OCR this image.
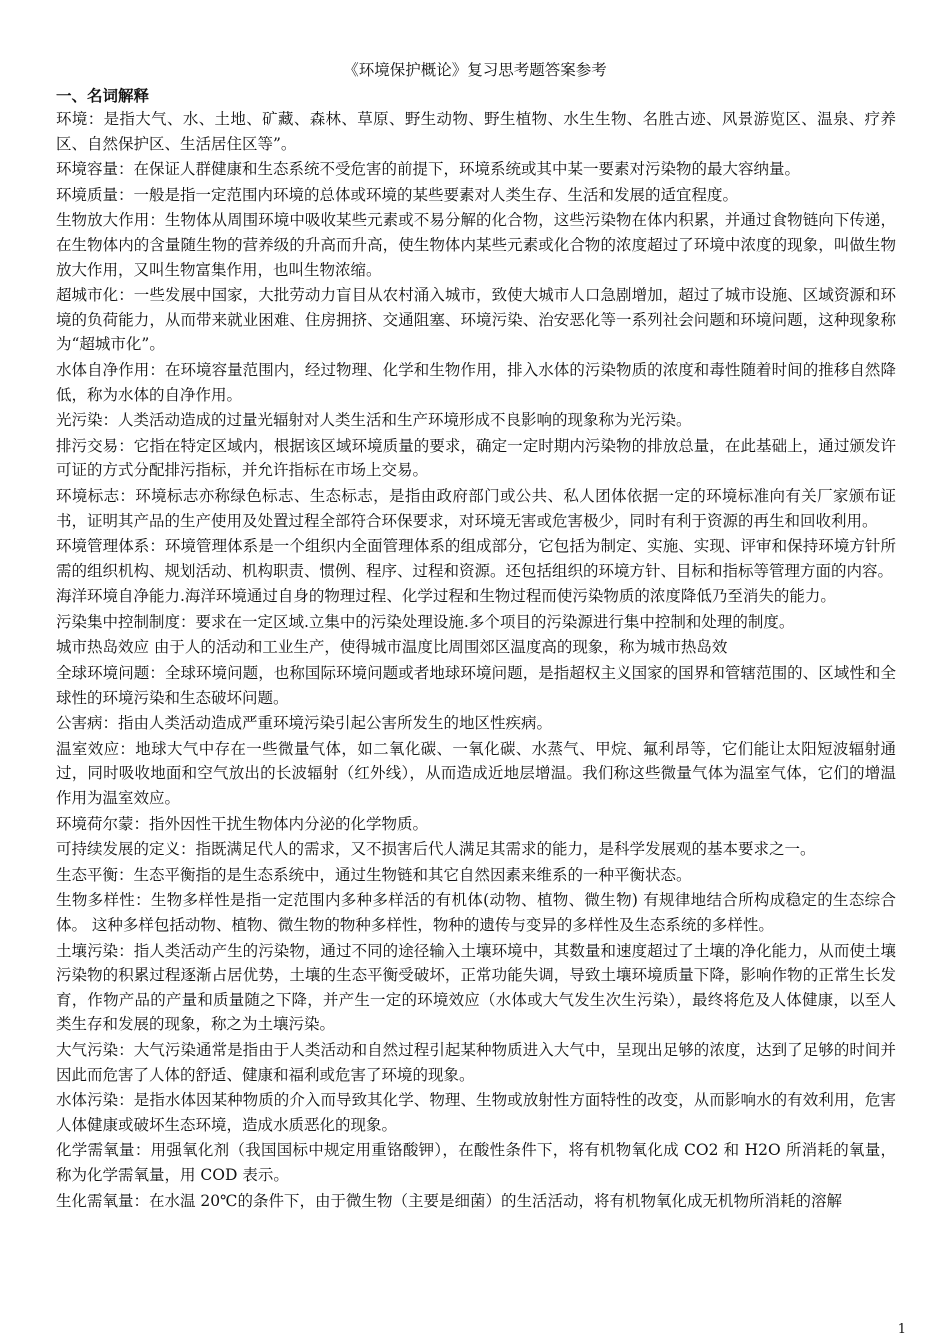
《环境保护概论》复习思考题答案参考
一、名词解释

环境：是指大气、水、土地、矿藏、森林、草原、野生动物、野生植物、水生生物、名胜古迹、风景游览区、温泉、疗养区、自然保护区、生活居住区等”。

环境容量：在保证人群健康和生态系统不受危害的前提下，环境系统或其中某一要素对污染物的最大容纳量。

环境质量：一般是指一定范围内环境的总体或环境的某些要素对人类生存、生活和发展的适宜程度。

生物放大作用：生物体从周围环境中吸收某些元素或不易分解的化合物，这些污染物在体内积累，并通过食物链向下传递，在生物体内的含量随生物的营养级的升高而升高，使生物体内某些元素或化合物的浓度超过了环境中浓度的现象，叫做生物放大作用，又叫生物富集作用，也叫生物浓缩。

超城市化：一些发展中国家，大批劳动力盲目从农村涌入城市，致使大城市人口急剧增加，超过了城市设施、区域资源和环境的负荷能力，从而带来就业困难、住房拥挤、交通阻塞、环境污染、治安恶化等一系列社会问题和环境问题，这种现象称为“超城市化”。

水体自净作用：在环境容量范围内，经过物理、化学和生物作用，排入水体的污染物质的浓度和毒性随着时间的推移自然降低，称为水体的自净作用。

光污染：人类活动造成的过量光辐射对人类生活和生产环境形成不良影响的现象称为光污染。

排污交易：它指在特定区域内，根据该区域环境质量的要求，确定一定时期内污染物的排放总量，在此基础上，通过颁发许可证的方式分配排污指标，并允许指标在市场上交易。

环境标志：环境标志亦称绿色标志、生态标志，是指由政府部门或公共、私人团体依据一定的环境标准向有关厂家颁布证书，证明其产品的生产使用及处置过程全部符合环保要求，对环境无害或危害极少，同时有利于资源的再生和回收利用。

环境管理体系：环境管理体系是一个组织内全面管理体系的组成部分，它包括为制定、实施、实现、评审和保持环境方针所需的组织机构、规划活动、机构职责、惯例、程序、过程和资源。还包括组织的环境方针、目标和指标等管理方面的内容。

海洋环境自净能力.海洋环境通过自身的物理过程、化学过程和生物过程而使污染物质的浓度降低乃至消失的能力。

污染集中控制制度：要求在一定区域.立集中的污染处理设施.多个项目的污染源进行集中控制和处理的制度。

城市热岛效应 由于人的活动和工业生产，使得城市温度比周围郊区温度高的现象，称为城市热岛效

全球环境问题：全球环境问题，也称国际环境问题或者地球环境问题，是指超权主义国家的国界和管辖范围的、区域性和全球性的环境污染和生态破坏问题。

公害病：指由人类活动造成严重环境污染引起公害所发生的地区性疾病。

温室效应：地球大气中存在一些微量气体，如二氧化碳、一氧化碳、水蒸气、甲烷、氟利昂等，它们能让太阳短波辐射通过，同时吸收地面和空气放出的长波辐射（红外线），从而造成近地层增温。我们称这些微量气体为温室气体，它们的增温作用为温室效应。

环境荷尔蒙：指外因性干扰生物体内分泌的化学物质。

可持续发展的定义：指既满足代人的需求，又不损害后代人满足其需求的能力，是科学发展观的基本要求之一。

生态平衡：生态平衡指的是生态系统中，通过生物链和其它自然因素来维系的一种平衡状态。

生物多样性：生物多样性是指一定范围内多种多样活的有机体(动物、植物、微生物) 有规律地结合所构成稳定的生态综合体。 这种多样包括动物、植物、微生物的物种多样性，物种的遗传与变异的多样性及生态系统的多样性。

土壤污染：指人类活动产生的污染物，通过不同的途径输入土壤环境中，其数量和速度超过了土壤的净化能力，从而使土壤污染物的积累过程逐渐占居优势，土壤的生态平衡受破坏，正常功能失调，导致土壤环境质量下降，影响作物的正常生长发育，作物产品的产量和质量随之下降，并产生一定的环境效应（水体或大气发生次生污染），最终将危及人体健康，以至人类生存和发展的现象，称之为土壤污染。

大气污染：大气污染通常是指由于人类活动和自然过程引起某种物质进入大气中，呈现出足够的浓度，达到了足够的时间并因此而危害了人体的舒适、健康和福利或危害了环境的现象。

水体污染：是指水体因某种物质的介入而导致其化学、物理、生物或放射性方面特性的改变，从而影响水的有效利用，危害人体健康或破坏生态环境，造成水质恶化的现象。

化学需氧量：用强氧化剂（我国国标中规定用重铬酸钾），在酸性条件下，将有机物氧化成 CO2 和 H2O 所消耗的氧量，称为化学需氧量，用 COD 表示。

生化需氧量：在水温 20℃的条件下，由于微生物（主要是细菌）的生活活动，将有机物氧化成无机物所消耗的溶解

1
